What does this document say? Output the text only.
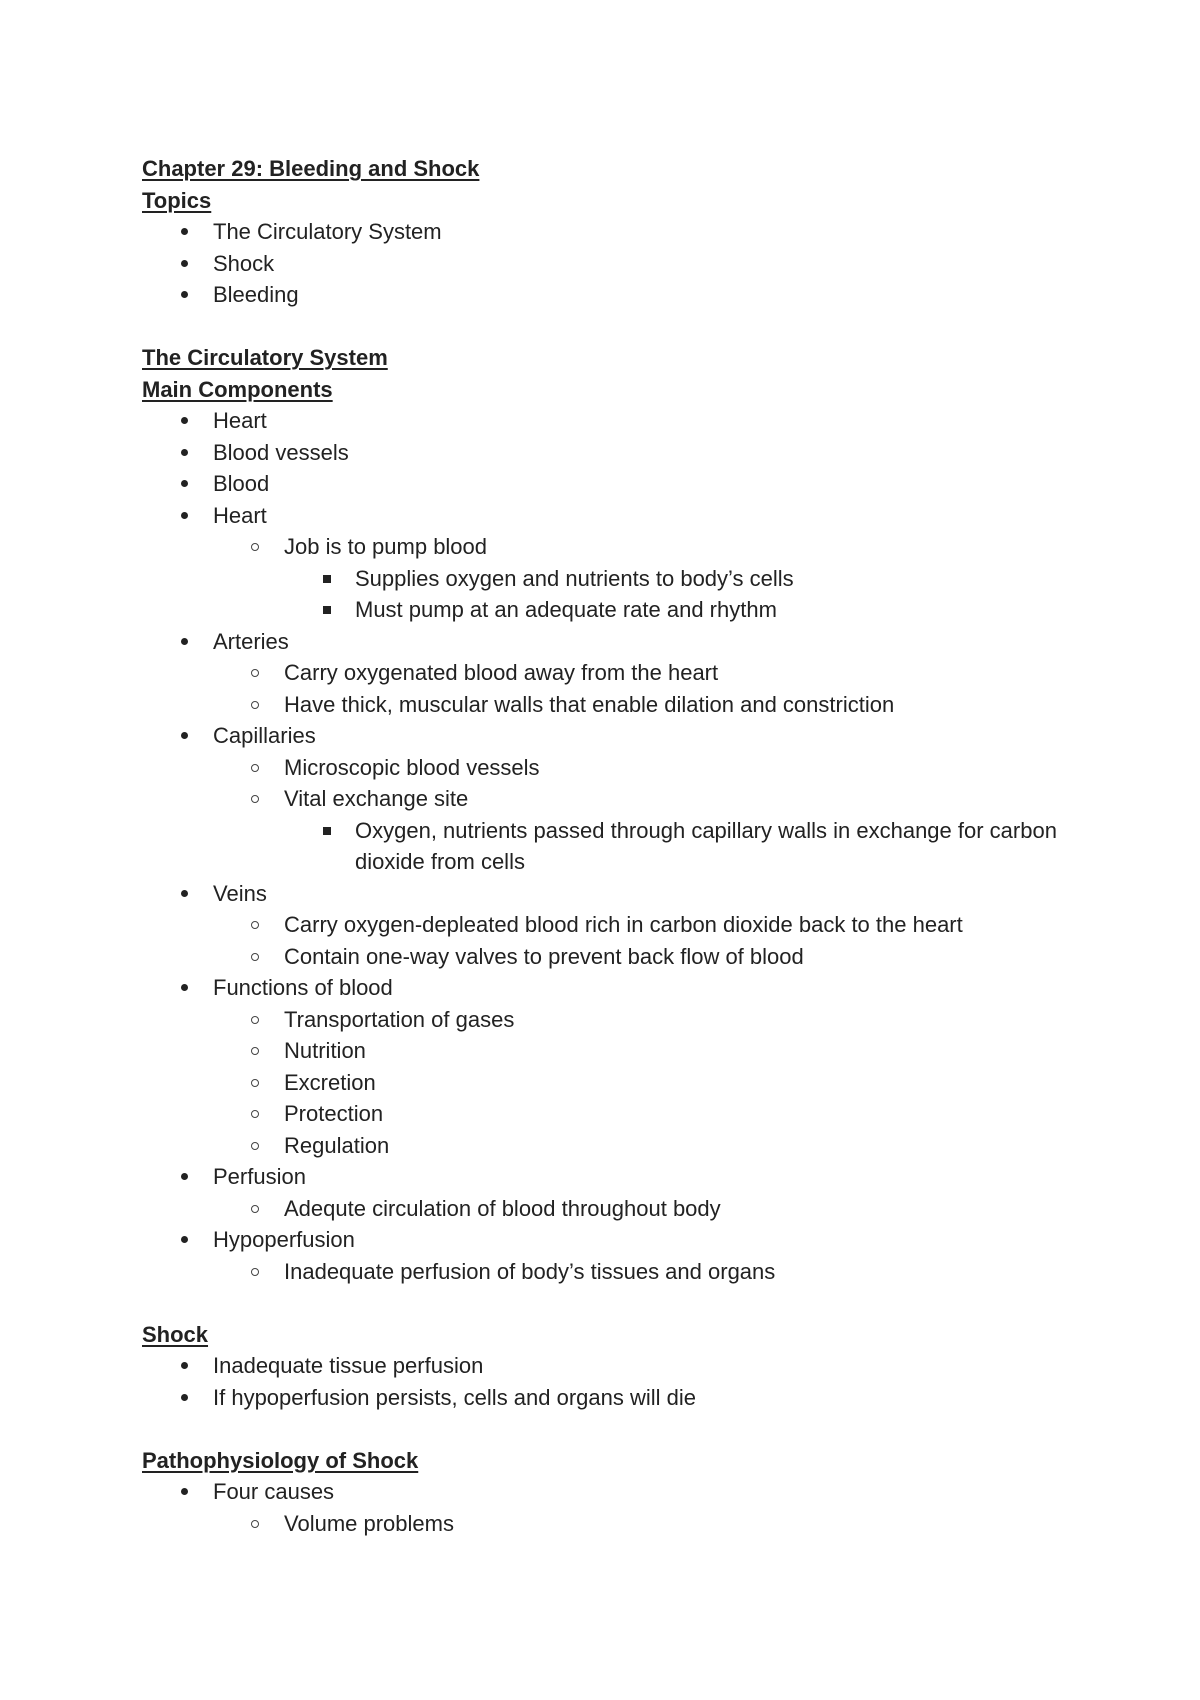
Chapter 29: Bleeding and Shock

Topics

The Circulatory System
Shock
Bleeding

The Circulatory System

Main Components

Heart
Blood vessels
Blood
Heart
Job is to pump blood
Supplies oxygen and nutrients to body’s cells
Must pump at an adequate rate and rhythm
Arteries
Carry oxygenated blood away from the heart
Have thick, muscular walls that enable dilation and constriction
Capillaries
Microscopic blood vessels
Vital exchange site
Oxygen, nutrients passed through capillary walls in exchange for carbon dioxide from cells
Veins
Carry oxygen-depleated blood rich in carbon dioxide back to the heart
Contain one-way valves to prevent back flow of blood
Functions of blood
Transportation of gases
Nutrition
Excretion
Protection
Regulation
Perfusion
Adequte circulation of blood throughout body
Hypoperfusion
Inadequate perfusion of body’s tissues and organs

Shock

Inadequate tissue perfusion
If hypoperfusion persists, cells and organs will die

Pathophysiology of Shock

Four causes
Volume problems
